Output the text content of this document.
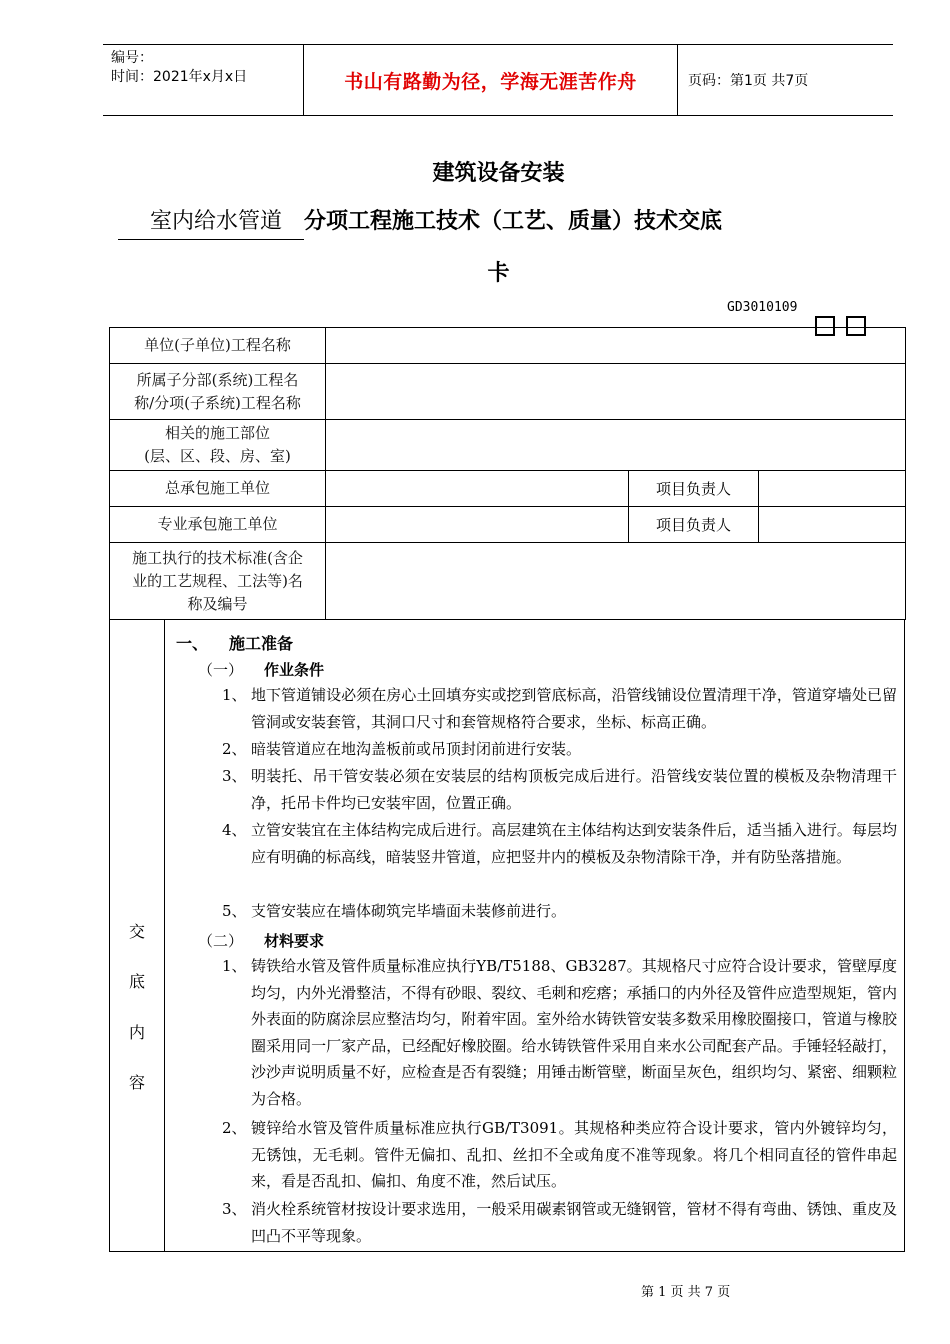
编号：
时间：2021年x月x日	书山有路勤为径，学海无涯苦作舟	页码：第1页 共7页
建筑设备安装
室内给水管道 分项工程施工技术（工艺、质量）技术交底
卡
GD3010109
单位(子单位)工程名称			

所属子分部(系统)工程名
称/分项(子系统)工程名称			

相关的施工部位
(层、区、段、房、室)			

总承包施工单位		项目负责人	
专业承包施工单位		项目负责人	

施工执行的技术标准(含企
业的工艺规程、工法等)名
称及编号			

交
底
内
容
一、 施工准备
（一） 作业条件
1、 地下管道铺设必须在房心土回填夯实或挖到管底标高，沿管线铺设位置清理干净，管道穿墙处已留管洞或安装套管，其洞口尺寸和套管规格符合要求，坐标、标高正确。
2、 暗装管道应在地沟盖板前或吊顶封闭前进行安装。
3、 明装托、吊干管安装必须在安装层的结构顶板完成后进行。沿管线安装位置的模板及杂物清理干净，托吊卡件均已安装牢固，位置正确。
4、 立管安装宜在主体结构完成后进行。高层建筑在主体结构达到安装条件后，适当插入进行。每层均应有明确的标高线，暗装竖井管道，应把竖井内的模板及杂物清除干净，并有防坠落措施。
5、 支管安装应在墙体砌筑完毕墙面未装修前进行。
（二） 材料要求
1、 铸铁给水管及管件质量标准应执行YB/T5188、GB3287。其规格尺寸应符合设计要求，管壁厚度均匀，内外光滑整洁，不得有砂眼、裂纹、毛刺和疙瘩；承插口的内外径及管件应造型规矩，管内外表面的防腐涂层应整洁均匀，附着牢固。室外给水铸铁管安装多数采用橡胶圈接口，管道与橡胶圈采用同一厂家产品，已经配好橡胶圈。给水铸铁管件采用自来水公司配套产品。手锤轻轻敲打，沙沙声说明质量不好，应检查是否有裂缝；用锤击断管壁，断面呈灰色，组织均匀、紧密、细颗粒为合格。
2、 镀锌给水管及管件质量标准应执行GB/T3091。其规格种类应符合设计要求，管内外镀锌均匀，无锈蚀，无毛刺。管件无偏扣、乱扣、丝扣不全或角度不准等现象。将几个相同直径的管件串起来，看是否乱扣、偏扣、角度不准，然后试压。
3、 消火栓系统管材按设计要求选用，一般采用碳素钢管或无缝钢管，管材不得有弯曲、锈蚀、重皮及凹凸不平等现象。
第 1 页 共 7 页
